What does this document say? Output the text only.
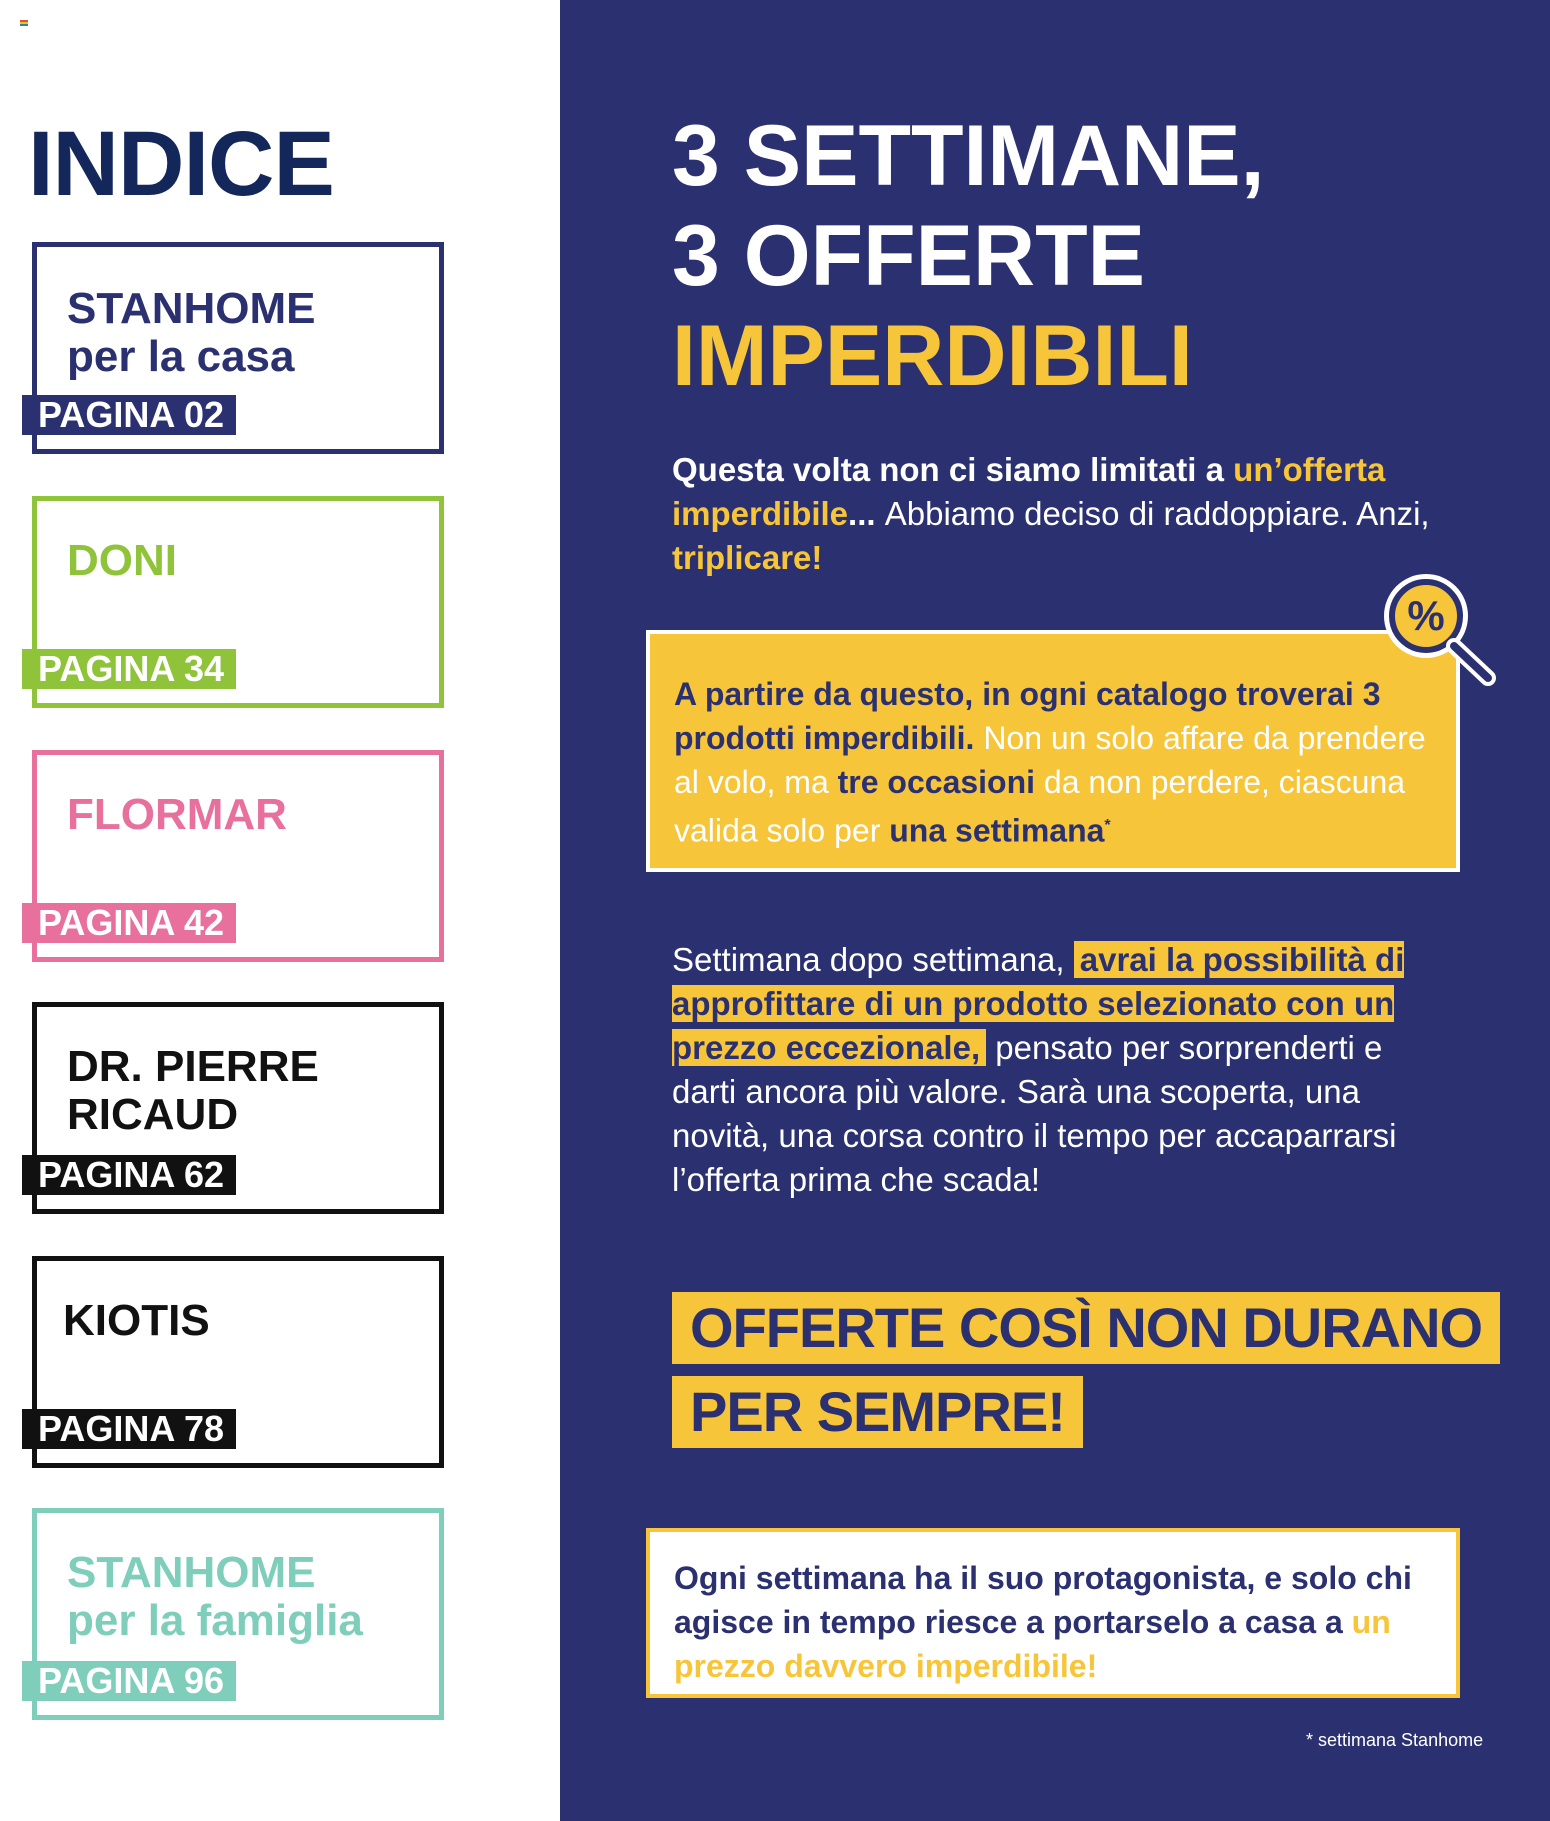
INDICE

STANHOME
per la casa

PAGINA 02

DONI

PAGINA 34

FLORMAR

PAGINA 42

DR. PIERRE
RICAUD

PAGINA 62

KIOTIS

PAGINA 78

STANHOME
per la famiglia

PAGINA 96
3 SETTIMANE,
3 OFFERTE
IMPERDIBILI

Questa volta non ci siamo limitati a un’offerta imperdibile... Abbiamo deciso di raddoppiare. Anzi, triplicare!

A partire da questo, in ogni catalogo troverai 3 prodotti imperdibili. Non un solo affare da prendere al volo, ma tre occasioni da non perdere, ciascuna valida solo per una settimana*

%

Settimana dopo settimana, avrai la possibilità di approfittare di un prodotto selezionato con un prezzo eccezionale, pensato per sorprenderti e darti ancora più valore. Sarà una scoperta, una novità, una corsa contro il tempo per accaparrarsi l’offerta prima che scada!

OFFERTE COSÌ NON DURANO
PER SEMPRE!

Ogni settimana ha il suo protagonista, e solo chi agisce in tempo riesce a portarselo a casa a un prezzo davvero imperdibile!

* settimana Stanhome
